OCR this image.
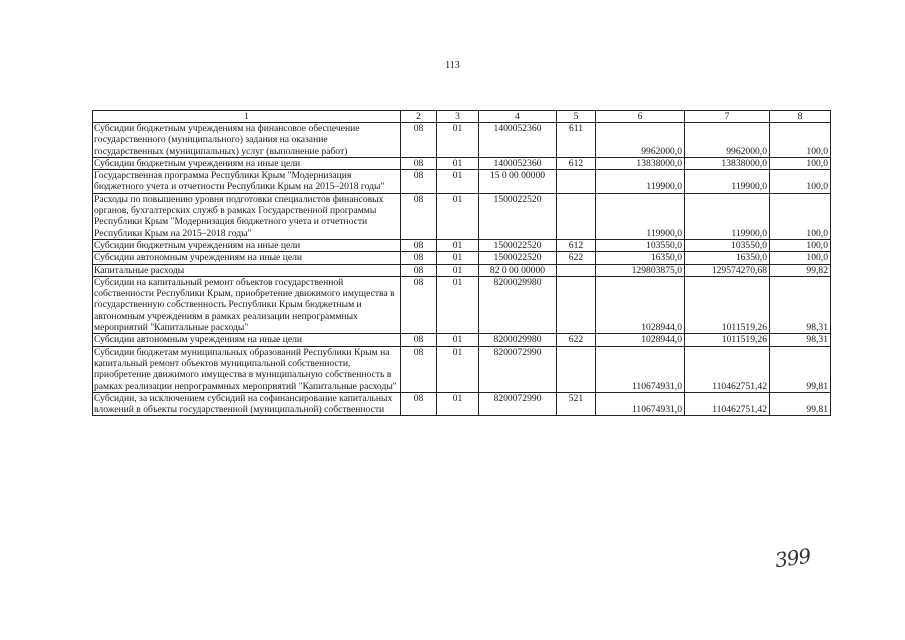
113
1	2	3	4	5	6	7	8
Субсидии бюджетным учреждениям на финансовое обеспечение государственного (муниципального) задания на оказание государственных (муниципальных) услуг (выполнение работ)	08	01	1400052360	611	9962000,0	9962000,0	100,0
Субсидии бюджетным учреждениям на иные цели	08	01	1400052360	612	13838000,0	13838000,0	100,0
Государственная программа Республики Крым "Модернизация бюджетного учета и отчетности Республики Крым на 2015–2018 годы"	08	01	15 0 00 00000		119900,0	119900,0	100,0
Расходы по повышению уровня подготовки специалистов финансовых органов, бухгалтерских служб в рамках Государственной программы Республики Крым "Модернизация бюджетного учета и отчетности Республики Крым на 2015–2018 годы"	08	01	1500022520		119900,0	119900,0	100,0
Субсидии бюджетным учреждениям на иные цели	08	01	1500022520	612	103550,0	103550,0	100,0
Субсидии автономным учреждениям на иные цели	08	01	1500022520	622	16350,0	16350,0	100,0
Капитальные расходы	08	01	82 0 00 00000		129803875,0	129574270,68	99,82
Субсидии на капитальный ремонт объектов государственной собственности Республики Крым, приобретение движимого имущества в государственную собственность Республики Крым бюджетным и автономным учреждениям в рамках реализации непрограммных мероприятий "Капитальные расходы"	08	01	8200029980		1028944,0	1011519,26	98,31
Субсидии автономным учреждениям на иные цели	08	01	8200029980	622	1028944,0	1011519,26	98,31
Субсидии бюджетам муниципальных образований Республики Крым на капитальный ремонт объектов муниципальной собственности, приобретение движимого имущества в муниципальную собственность в рамках реализации непрограммных мероприятий "Капитальные расходы"	08	01	8200072990		110674931,0	110462751,42	99,81
Субсидии, за исключением субсидий на софинансирование капитальных вложений в объекты государственной (муниципальной) собственности	08	01	8200072990	521	110674931,0	110462751,42	99,81
399
